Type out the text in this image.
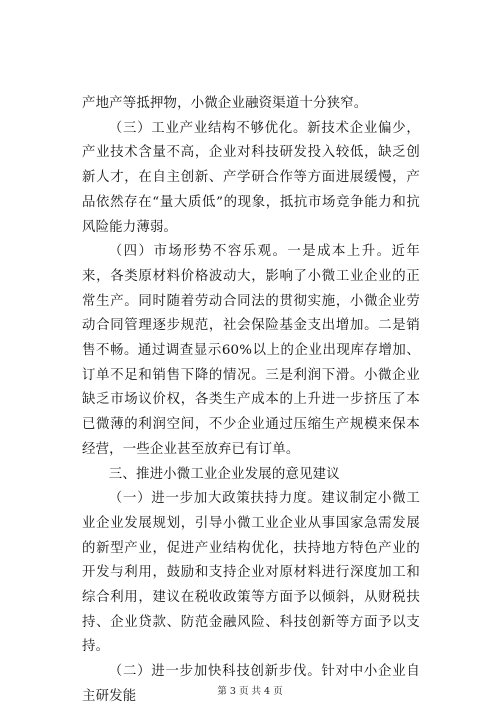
产地产等抵押物，小微企业融资渠道十分狭窄。

（三）工业产业结构不够优化。新技术企业偏少，产业技术含量不高，企业对科技研发投入较低，缺乏创新人才，在自主创新、产学研合作等方面进展缓慢，产品依然存在“量大质低”的现象，抵抗市场竞争能力和抗风险能力薄弱。

（四）市场形势不容乐观。一是成本上升。近年来，各类原材料价格波动大，影响了小微工业企业的正常生产。同时随着劳动合同法的贯彻实施，小微企业劳动合同管理逐步规范，社会保险基金支出增加。二是销售不畅。通过调查显示60%以上的企业出现库存增加、订单不足和销售下降的情况。三是利润下滑。小微企业缺乏市场议价权，各类生产成本的上升进一步挤压了本已微薄的利润空间，不少企业通过压缩生产规模来保本经营，一些企业甚至放弃已有订单。

三、推进小微工业企业发展的意见建议

（一）进一步加大政策扶持力度。建议制定小微工业企业发展规划，引导小微工业企业从事国家急需发展的新型产业，促进产业结构优化，扶持地方特色产业的开发与利用，鼓励和支持企业对原材料进行深度加工和综合利用，建议在税收政策等方面予以倾斜，从财税扶持、企业贷款、防范金融风险、科技创新等方面予以支持。

（二）进一步加快科技创新步伐。针对中小企业自主研发能	第 3 页 共 4 页
